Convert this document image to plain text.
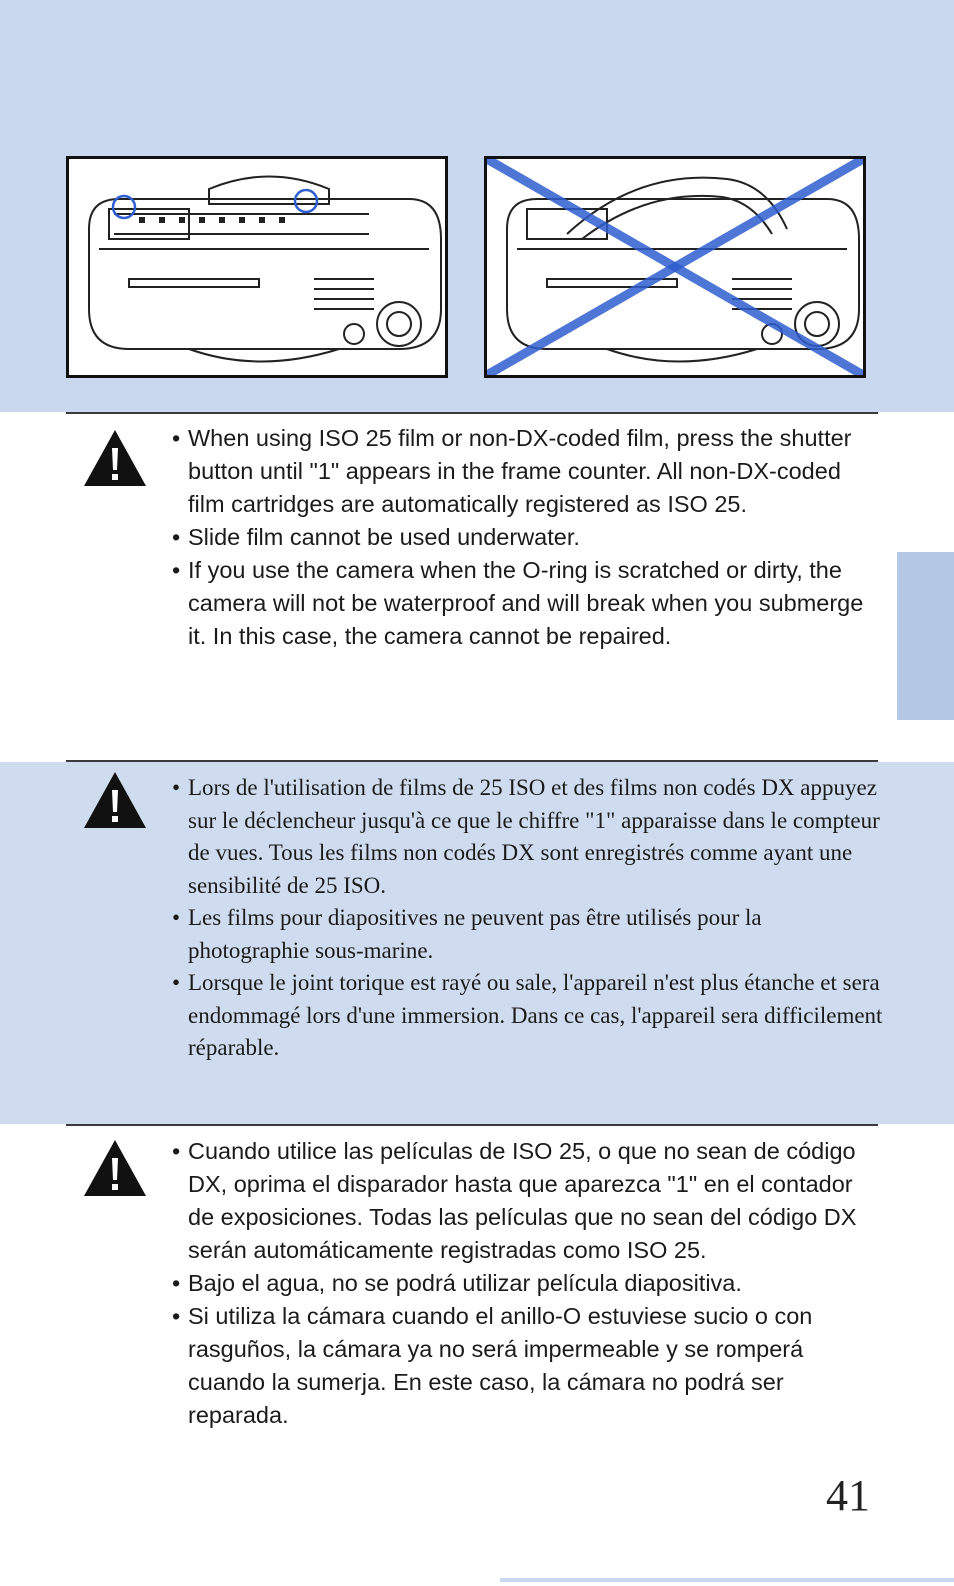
• When using ISO 25 film or non-DX-coded film, press the shutter button until "1" appears in the frame counter. All non-DX-coded film cartridges are automatically registered as ISO 25.
• Slide film cannot be used underwater.
• If you use the camera when the O-ring is scratched or dirty, the camera will not be waterproof and will break when you submerge it. In this case, the camera cannot be repaired.
• Lors de l'utilisation de films de 25 ISO et des films non codés DX appuyez sur le déclencheur jusqu'à ce que le chiffre "1" apparaisse dans le compteur de vues. Tous les films non codés DX sont enregistrés comme ayant une sensibilité de 25 ISO.
• Les films pour diapositives ne peuvent pas être utilisés pour la photographie sous-marine.
• Lorsque le joint torique est rayé ou sale, l'appareil n'est plus étanche et sera endommagé lors d'une immersion. Dans ce cas, l'appareil sera difficilement réparable.
• Cuando utilice las películas de ISO 25, o que no sean de código DX, oprima el disparador hasta que aparezca "1" en el contador de exposiciones. Todas las películas que no sean del código DX serán automáticamente registradas como ISO 25.
• Bajo el agua, no se podrá utilizar película diapositiva.
• Si utiliza la cámara cuando el anillo-O estuviese sucio o con rasguños, la cámara ya no será impermeable y se romperá cuando la sumerja. En este caso, la cámara no podrá ser reparada.
41
